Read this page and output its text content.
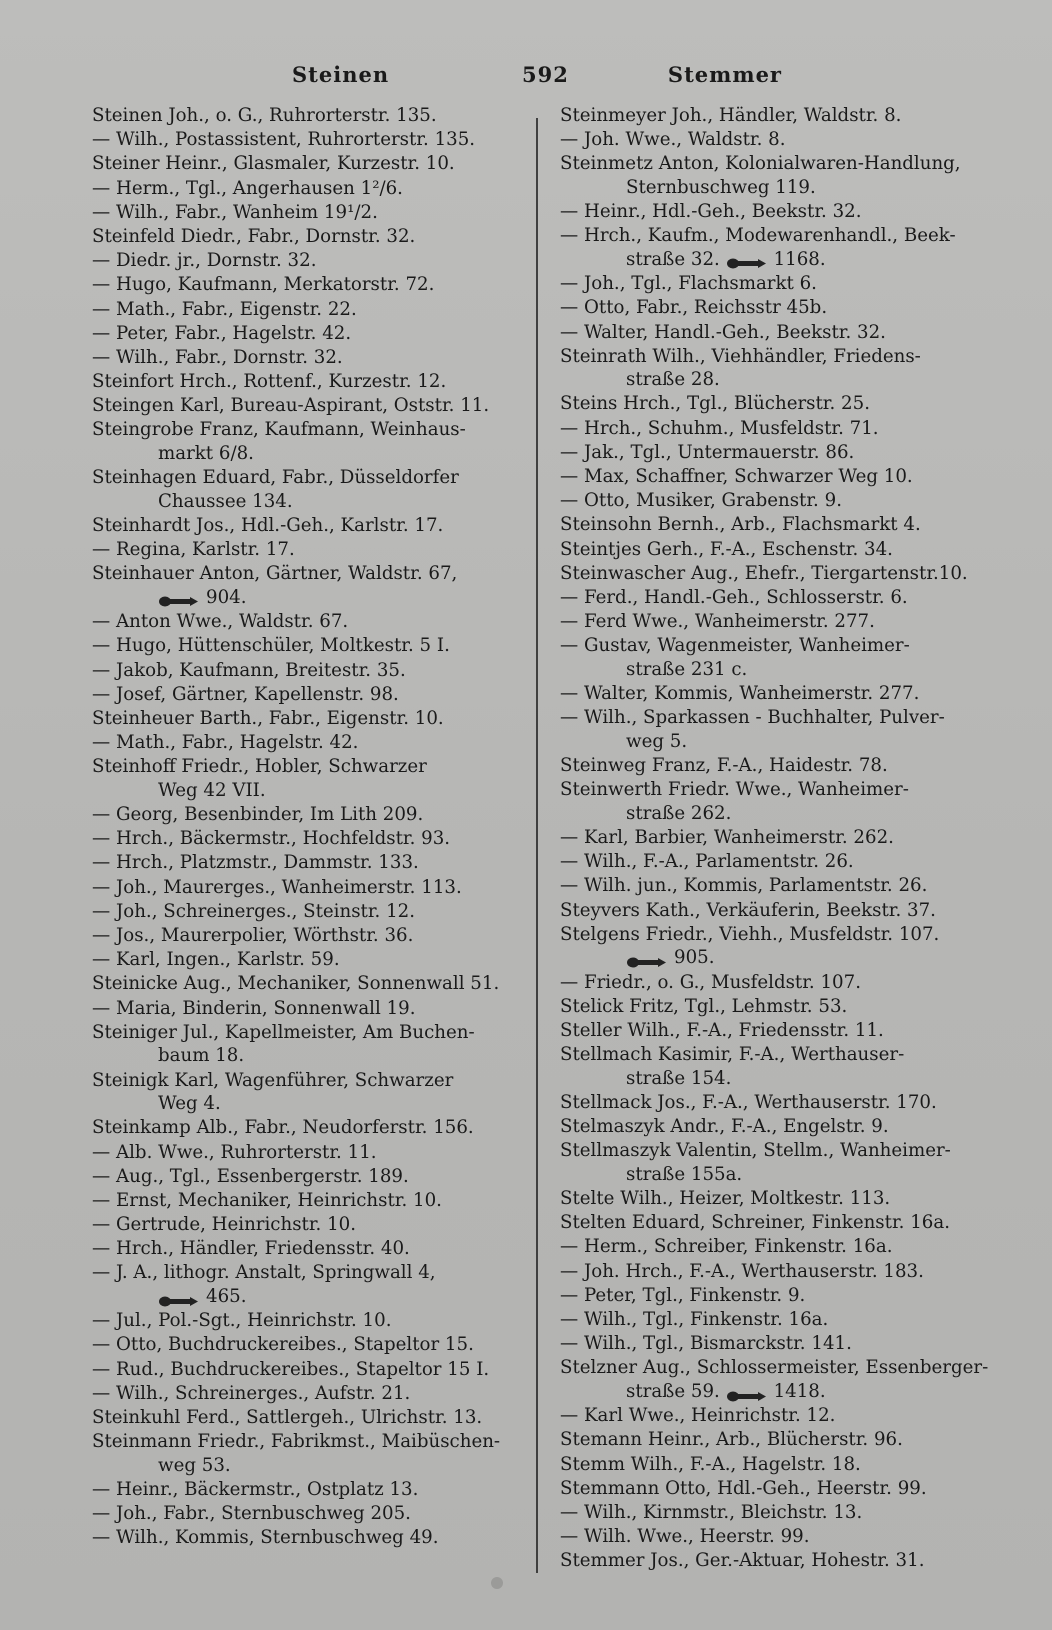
Steinen	592	Stemmer
Steinen Joh., o. G., Ruhrorterstr. 135.
— Wilh., Postassistent, Ruhrorterstr. 135.
Steiner Heinr., Glasmaler, Kurzestr. 10.
— Herm., Tgl., Angerhausen 1²/6.
— Wilh., Fabr., Wanheim 19¹/2.
Steinfeld Diedr., Fabr., Dornstr. 32.
— Diedr. jr., Dornstr. 32.
— Hugo, Kaufmann, Merkatorstr. 72.
— Math., Fabr., Eigenstr. 22.
— Peter, Fabr., Hagelstr. 42.
— Wilh., Fabr., Dornstr. 32.
Steinfort Hrch., Rottenf., Kurzestr. 12.
Steingen Karl, Bureau-Aspirant, Oststr. 11.
Steingrobe Franz, Kaufmann, Weinhaus-
markt 6/8.
Steinhagen Eduard, Fabr., Düsseldorfer
Chaussee 134.
Steinhardt Jos., Hdl.-Geh., Karlstr. 17.
— Regina, Karlstr. 17.
Steinhauer Anton, Gärtner, Waldstr. 67,
904.
— Anton Wwe., Waldstr. 67.
— Hugo, Hüttenschüler, Moltkestr. 5 I.
— Jakob, Kaufmann, Breitestr. 35.
— Josef, Gärtner, Kapellenstr. 98.
Steinheuer Barth., Fabr., Eigenstr. 10.
— Math., Fabr., Hagelstr. 42.
Steinhoff Friedr., Hobler, Schwarzer
Weg 42 VII.
— Georg, Besenbinder, Im Lith 209.
— Hrch., Bäckermstr., Hochfeldstr. 93.
— Hrch., Platzmstr., Dammstr. 133.
— Joh., Maurerges., Wanheimerstr. 113.
— Joh., Schreinerges., Steinstr. 12.
— Jos., Maurerpolier, Wörthstr. 36.
— Karl, Ingen., Karlstr. 59.
Steinicke Aug., Mechaniker, Sonnenwall 51.
— Maria, Binderin, Sonnenwall 19.
Steiniger Jul., Kapellmeister, Am Buchen-
baum 18.
Steinigk Karl, Wagenführer, Schwarzer
Weg 4.
Steinkamp Alb., Fabr., Neudorferstr. 156.
— Alb. Wwe., Ruhrorterstr. 11.
— Aug., Tgl., Essenbergerstr. 189.
— Ernst, Mechaniker, Heinrichstr. 10.
— Gertrude, Heinrichstr. 10.
— Hrch., Händler, Friedensstr. 40.
— J. A., lithogr. Anstalt, Springwall 4,
465.
— Jul., Pol.-Sgt., Heinrichstr. 10.
— Otto, Buchdruckereibes., Stapeltor 15.
— Rud., Buchdruckereibes., Stapeltor 15 I.
— Wilh., Schreinerges., Aufstr. 21.
Steinkuhl Ferd., Sattlergeh., Ulrichstr. 13.
Steinmann Friedr., Fabrikmst., Maibüschen-
weg 53.
— Heinr., Bäckermstr., Ostplatz 13.
— Joh., Fabr., Sternbuschweg 205.
— Wilh., Kommis, Sternbuschweg 49.
Steinmeyer Joh., Händler, Waldstr. 8.
— Joh. Wwe., Waldstr. 8.
Steinmetz Anton, Kolonialwaren-Handlung,
Sternbuschweg 119.
— Heinr., Hdl.-Geh., Beekstr. 32.
— Hrch., Kaufm., Modewarenhandl., Beek-
straße 32.	1168.
— Joh., Tgl., Flachsmarkt 6.
— Otto, Fabr., Reichsstr 45b.
— Walter, Handl.-Geh., Beekstr. 32.
Steinrath Wilh., Viehhändler, Friedens-
straße 28.
Steins Hrch., Tgl., Blücherstr. 25.
— Hrch., Schuhm., Musfeldstr. 71.
— Jak., Tgl., Untermauerstr. 86.
— Max, Schaffner, Schwarzer Weg 10.
— Otto, Musiker, Grabenstr. 9.
Steinsohn Bernh., Arb., Flachsmarkt 4.
Steintjes Gerh., F.-A., Eschenstr. 34.
Steinwascher Aug., Ehefr., Tiergartenstr.10.
— Ferd., Handl.-Geh., Schlosserstr. 6.
— Ferd Wwe., Wanheimerstr. 277.
— Gustav, Wagenmeister, Wanheimer-
straße 231 c.
— Walter, Kommis, Wanheimerstr. 277.
— Wilh., Sparkassen - Buchhalter, Pulver-
weg 5.
Steinweg Franz, F.-A., Haidestr. 78.
Steinwerth Friedr. Wwe., Wanheimer-
straße 262.
— Karl, Barbier, Wanheimerstr. 262.
— Wilh., F.-A., Parlamentstr. 26.
— Wilh. jun., Kommis, Parlamentstr. 26.
Steyvers Kath., Verkäuferin, Beekstr. 37.
Stelgens Friedr., Viehh., Musfeldstr. 107.
905.
— Friedr., o. G., Musfeldstr. 107.
Stelick Fritz, Tgl., Lehmstr. 53.
Steller Wilh., F.-A., Friedensstr. 11.
Stellmach Kasimir, F.-A., Werthauser-
straße 154.
Stellmack Jos., F.-A., Werthauserstr. 170.
Stelmaszyk Andr., F.-A., Engelstr. 9.
Stellmaszyk Valentin, Stellm., Wanheimer-
straße 155a.
Stelte Wilh., Heizer, Moltkestr. 113.
Stelten Eduard, Schreiner, Finkenstr. 16a.
— Herm., Schreiber, Finkenstr. 16a.
— Joh. Hrch., F.-A., Werthauserstr. 183.
— Peter, Tgl., Finkenstr. 9.
— Wilh., Tgl., Finkenstr. 16a.
— Wilh., Tgl., Bismarckstr. 141.
Stelzner Aug., Schlossermeister, Essenberger-
straße 59.	1418.
— Karl Wwe., Heinrichstr. 12.
Stemann Heinr., Arb., Blücherstr. 96.
Stemm Wilh., F.-A., Hagelstr. 18.
Stemmann Otto, Hdl.-Geh., Heerstr. 99.
— Wilh., Kirnmstr., Bleichstr. 13.
— Wilh. Wwe., Heerstr. 99.
Stemmer Jos., Ger.-Aktuar, Hohestr. 31.
